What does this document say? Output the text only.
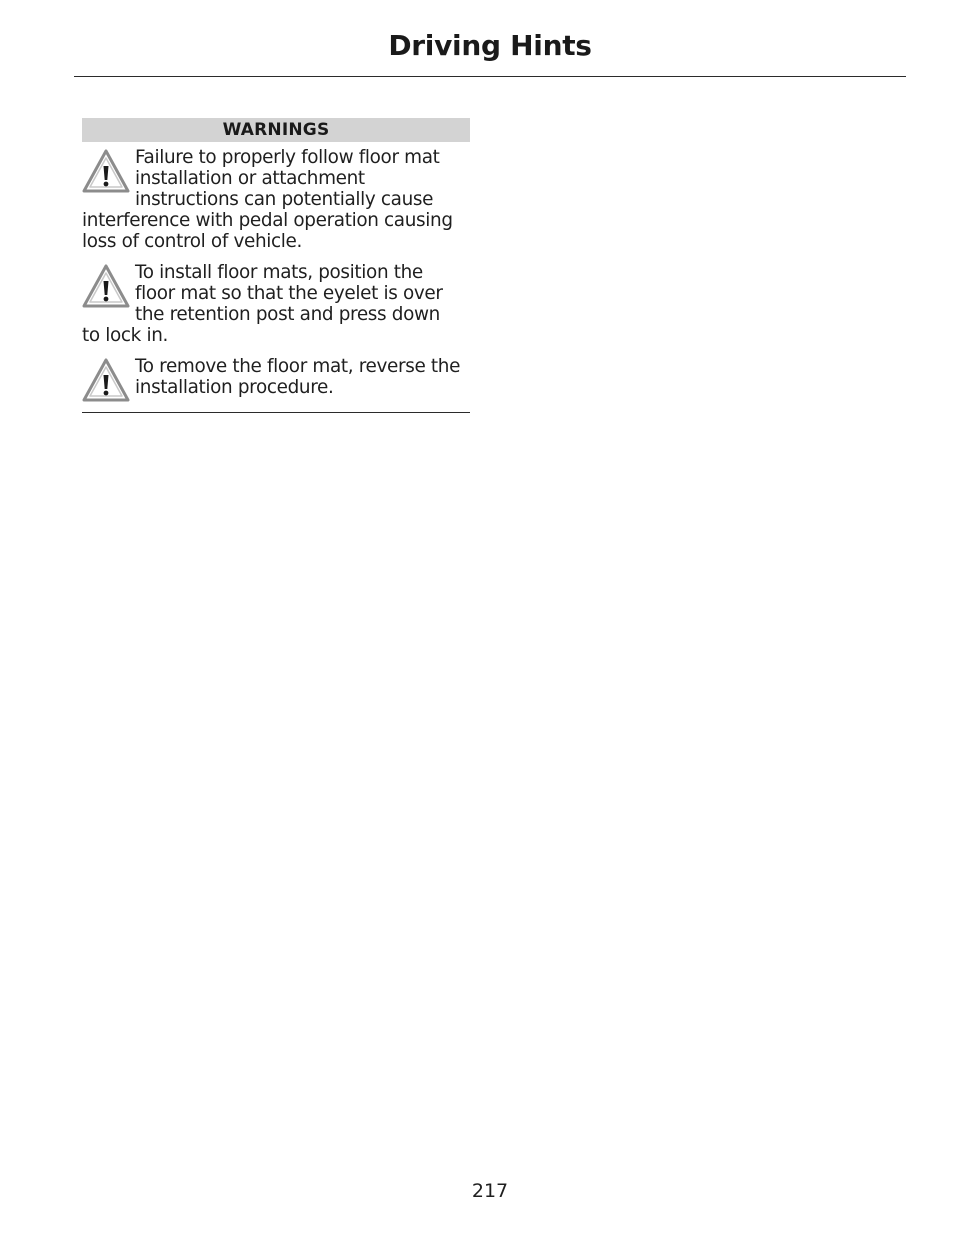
Driving Hints
WARNINGS
Failure to properly follow floor mat
installation or attachment
instructions can potentially cause
interference with pedal operation causing
loss of control of vehicle.
To install floor mats, position the
floor mat so that the eyelet is over
the retention post and press down
to lock in.
To remove the floor mat, reverse the
installation procedure.
217
